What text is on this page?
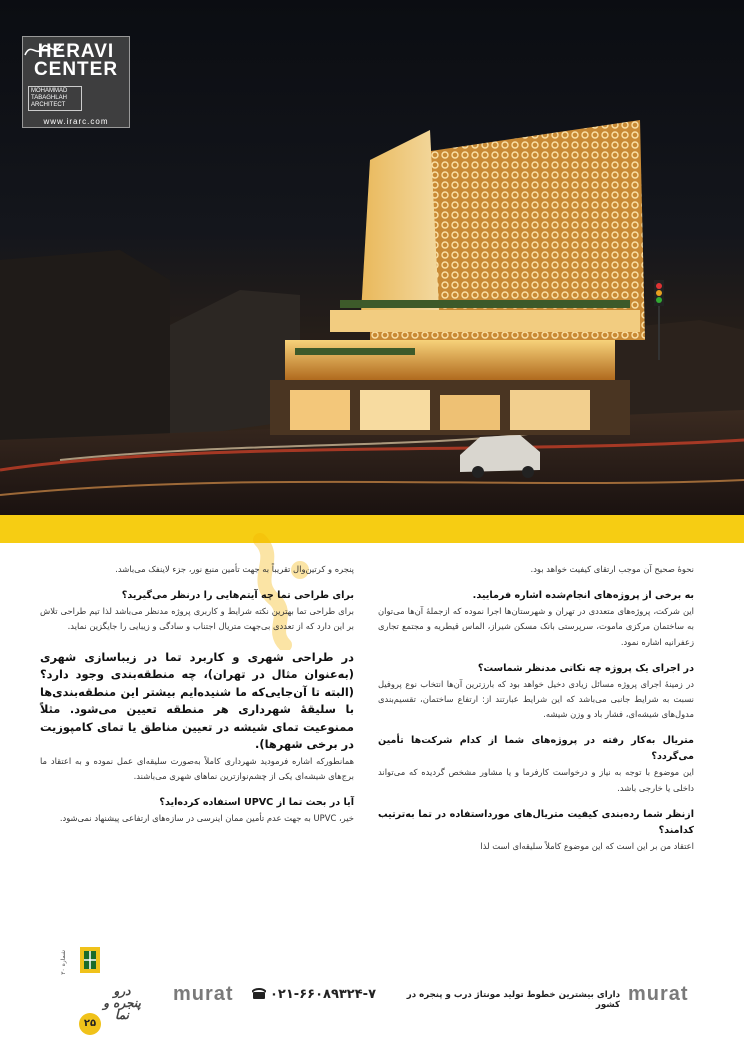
HERAVI
CENTER
MOHAMMAD TABAGHLAH ARCHITECT
www.irarc.com

نحوهٔ صحیح آن موجب ارتقای کیفیت خواهد بود.

به برخی از پروژه‌های انجام‌شده اشاره فرمایید.

این شرکت، پروژه‌های متعددی در تهران و شهرستان‌ها اجرا نموده که ازجملهٔ آن‌ها می‌توان به ساختمان مرکزی ماموت، سرپرستی بانک مسکن شیراز، الماس قیطریه و مجتمع تجاری زعفرانیه اشاره نمود.

در اجرای یک پروژه چه نکاتی مدنظر شماست؟

در زمینهٔ اجرای پروژه مسائل زیادی دخیل خواهد بود که بارزترین آن‌ها انتخاب نوع پروفیل نسبت به شرایط جانبی می‌باشد که این شرایط عبارتند از: ارتفاع ساختمان، تقسیم‌بندی مدول‌های شیشه‌ای، فشار باد و وزن شیشه.

متریال به‌کار رفته در پروژه‌های شما از کدام شرکت‌ها تأمین می‌گردد؟

این موضوع با توجه به نیاز و درخواست کارفرما و یا مشاور مشخص گردیده که می‌تواند داخلی یا خارجی باشد.

ازنظر شما رده‌بندی کیفیت متریال‌های مورداستفاده در تما به‌ترتیب کدامند؟

اعتقاد من بر این است که این موضوع کاملاً سلیقه‌ای است لذا

پنجره و کرتین‌وال تقریباً به جهت تأمین منبع نور، جزء لاینفک می‌باشد.

برای طراحی تما چه آیتم‌هایی را درنظر می‌گیرید؟

برای طراحی تما بهترین نکته شرایط و کاربری پروژه مدنظر می‌باشد لذا تیم طراحی تلاش بر این دارد که از تعددی بی‌جهت متریال اجتناب و سادگی و زیبایی را جایگزین نماید.

در طراحی شهری و کاربرد تما در زیباسازی شهری (به‌عنوان مثال در تهران)، چه منطقه‌بندی وجود دارد؟ (البته تا آن‌جایی‌که ما شنیده‌ایم بیشتر این منطقه‌بندی‌ها با سلیقهٔ شهرداری هر منطقه تعیین می‌شود. مثلاً ممنوعیت تمای شیشه در تعیین مناطق یا تمای کامپوزیت در برخی شهرها).

همانطورکه اشاره فرمودید شهرداری کاملاً به‌صورت سلیقه‌ای عمل نموده و به اعتقاد ما برج‌های شیشه‌ای یکی از چشم‌نوازترین نماهای شهری می‌باشند.

آیا در بحث تما از UPVC استفاده کرده‌اید؟

خیر، UPVC به جهت عدم تأمین ممان اینرسی در سازه‌های ارتفاعی پیشنهاد نمی‌شود.

murat	۰۲۱-۶۶۰۸۹۳۲۴-۷	دارای بیشترین خطوط تولید مونتاژ درب و پنجره در کشور murat
درو پنجره و نما
شماره ۳۰
۲۵
